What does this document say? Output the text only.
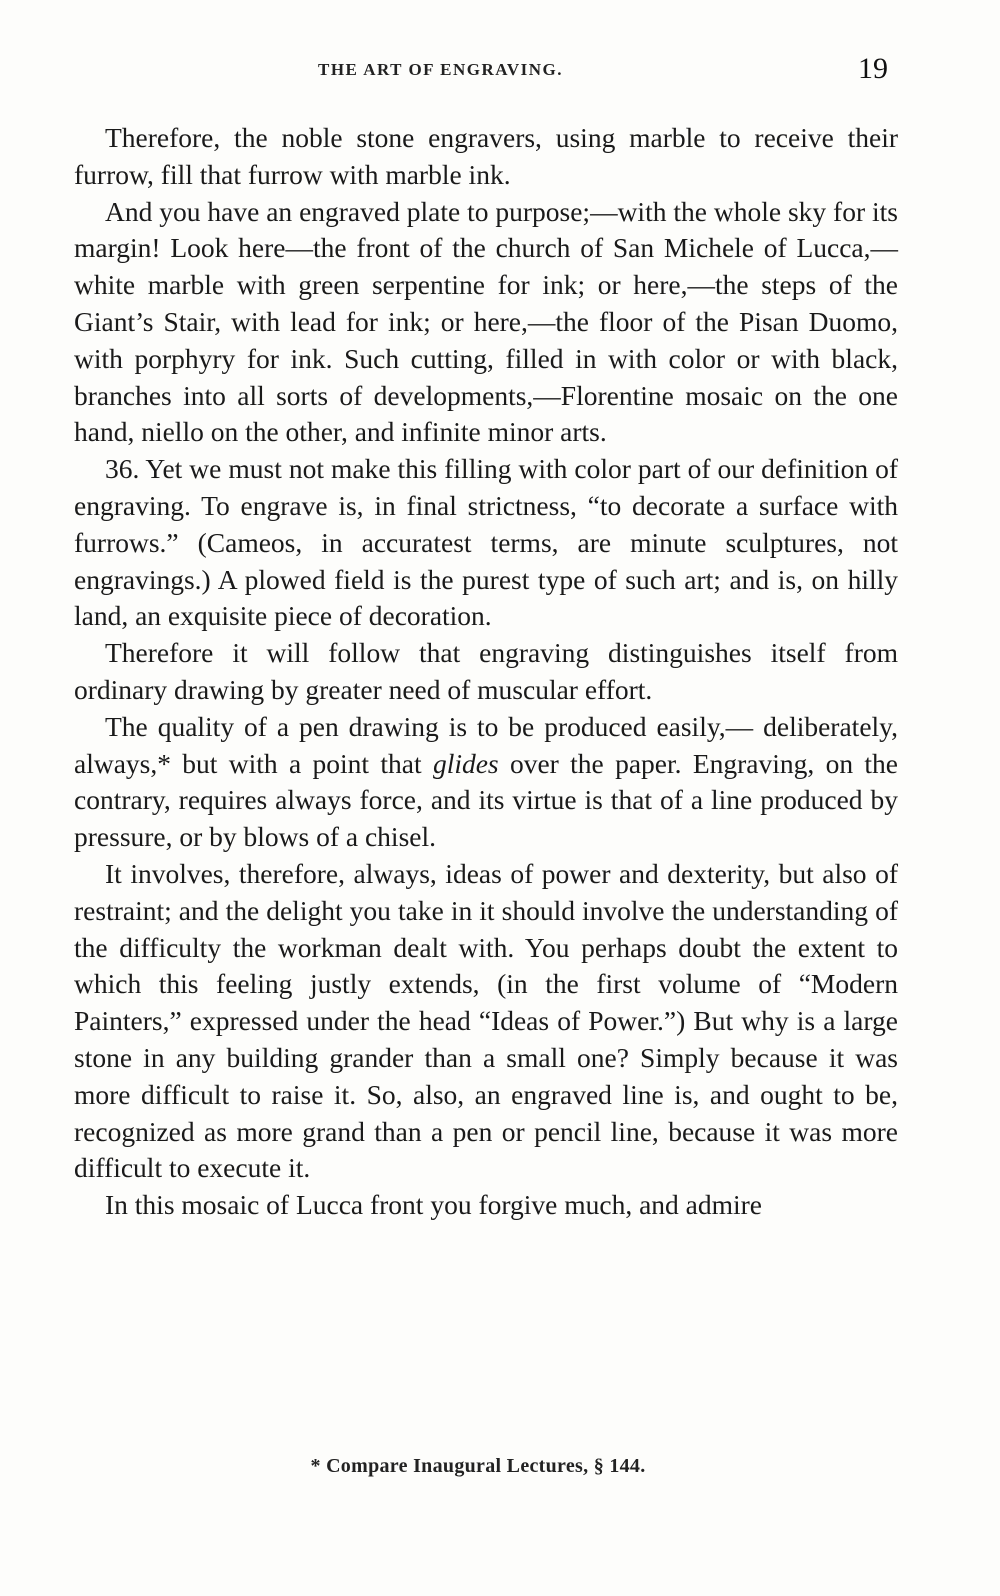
THE ART OF ENGRAVING.	19

Therefore, the noble stone engravers, using marble to receive their furrow, fill that furrow with marble ink.

And you have an engraved plate to purpose;—with the whole sky for its margin! Look here—the front of the church of San Michele of Lucca,—white marble with green serpentine for ink; or here,—the steps of the Giant’s Stair, with lead for ink; or here,—the floor of the Pisan Duomo, with porphyry for ink. Such cutting, filled in with color or with black, branches into all sorts of developments,—Florentine mosaic on the one hand, niello on the other, and infinite minor arts.

36. Yet we must not make this filling with color part of our definition of engraving. To engrave is, in final strictness, “to decorate a surface with furrows.” (Cameos, in accuratest terms, are minute sculptures, not engravings.) A plowed field is the purest type of such art; and is, on hilly land, an exquisite piece of decoration.

Therefore it will follow that engraving distinguishes itself from ordinary drawing by greater need of muscular effort.

The quality of a pen drawing is to be produced easily,— deliberately, always,* but with a point that glides over the paper. Engraving, on the contrary, requires always force, and its virtue is that of a line produced by pressure, or by blows of a chisel.

It involves, therefore, always, ideas of power and dexterity, but also of restraint; and the delight you take in it should involve the understanding of the difficulty the workman dealt with. You perhaps doubt the extent to which this feeling justly extends, (in the first volume of “Modern Painters,” expressed under the head “Ideas of Power.”) But why is a large stone in any building grander than a small one? Simply because it was more difficult to raise it. So, also, an engraved line is, and ought to be, recognized as more grand than a pen or pencil line, because it was more difficult to execute it.

In this mosaic of Lucca front you forgive much, and admire

* Compare Inaugural Lectures, § 144.
